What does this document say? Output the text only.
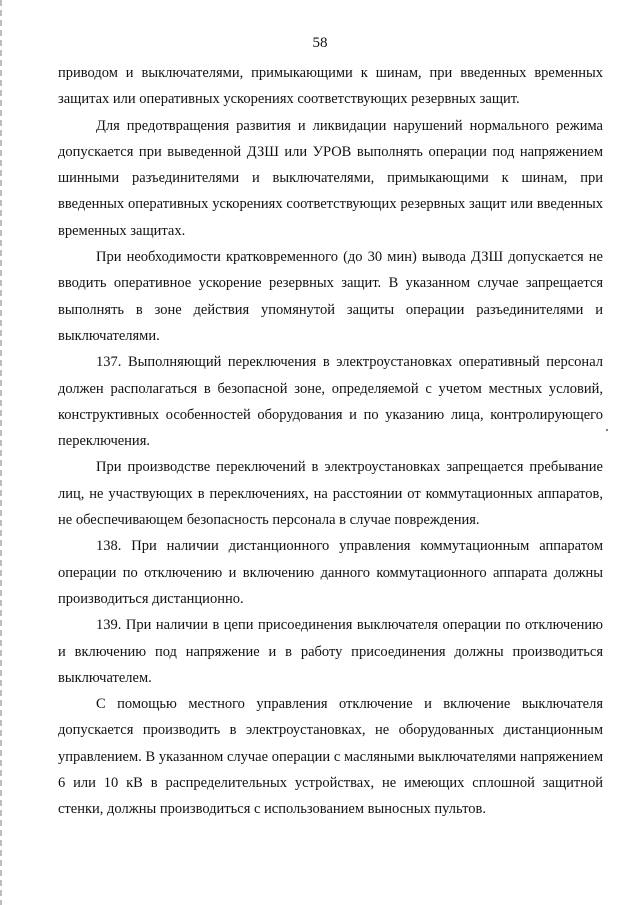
58

приводом и выключателями, примыкающими к шинам, при введенных временных защитах или оперативных ускорениях соответствующих резервных защит.

Для предотвращения развития и ликвидации нарушений нормального режима допускается при выведенной ДЗШ или УРОВ выполнять операции под напряжением шинными разъединителями и выключателями, примыкающими к шинам, при введенных оперативных ускорениях соответствующих резервных защит или введенных временных защитах.

При необходимости кратковременного (до 30 мин) вывода ДЗШ допускается не вводить оперативное ускорение резервных защит. В указанном случае запрещается выполнять в зоне действия упомянутой защиты операции разъединителями и выключателями.

137. Выполняющий переключения в электроустановках оперативный персонал должен располагаться в безопасной зоне, определяемой с учетом местных условий, конструктивных особенностей оборудования и по указанию лица, контролирующего переключения.

При производстве переключений в электроустановках запрещается пребывание лиц, не участвующих в переключениях, на расстоянии от коммутационных аппаратов, не обеспечивающем безопасность персонала в случае повреждения.

138. При наличии дистанционного управления коммутационным аппаратом операции по отключению и включению данного коммутационного аппарата должны производиться дистанционно.

139. При наличии в цепи присоединения выключателя операции по отключению и включению под напряжение и в работу присоединения должны производиться выключателем.

С помощью местного управления отключение и включение выключателя допускается производить в электроустановках, не оборудованных дистанционным управлением. В указанном случае операции с масляными выключателями напряжением 6 или 10 кВ в распределительных устройствах, не имеющих сплошной защитной стенки, должны производиться с использованием выносных пультов.
